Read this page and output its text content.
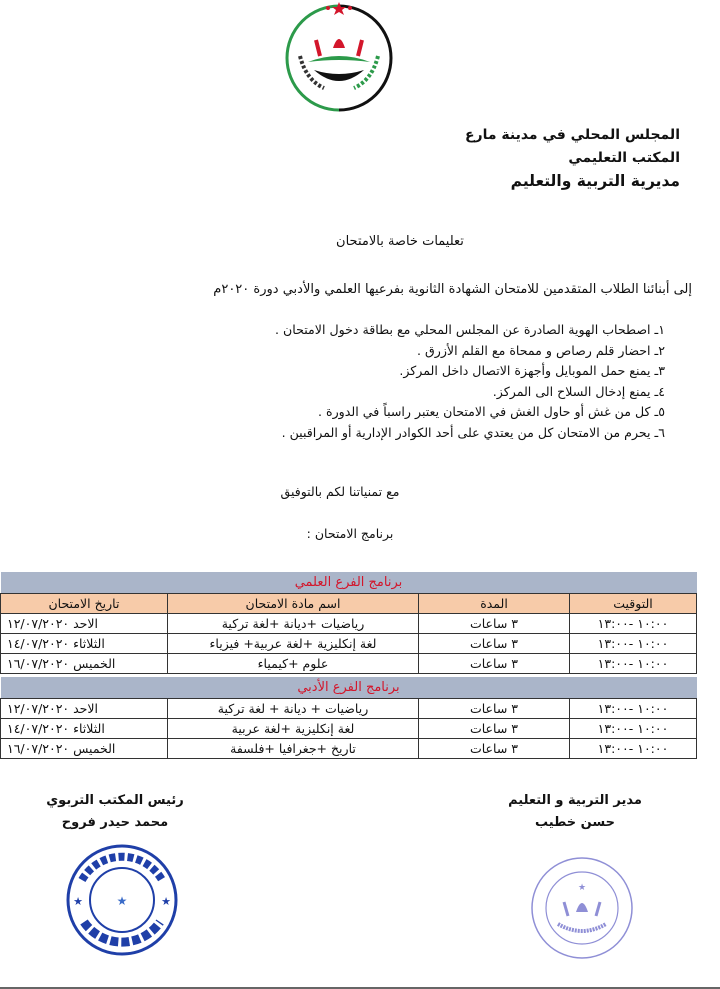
المجلس المحلي في مدينة مارع
المكتب التعليمي
مديرية التربية والتعليم
تعليمات خاصة بالامتحان
إلى أبنائنا الطلاب المتقدمين للامتحان الشهادة الثانوية بفرعيها العلمي والأدبي دورة ٢٠٢٠م
١ـ اصطحاب الهوية الصادرة عن المجلس المحلي مع بطاقة دخول الامتحان .
٢ـ احضار قلم رصاص و ممحاة مع القلم الأزرق .
٣ـ يمنع حمل الموبايل وأجهزة الاتصال داخل المركز.
٤ـ يمنع إدخال السلاح الى المركز.
٥ـ كل من غش أو حاول الغش في الامتحان يعتبر راسباً في الدورة .
٦ـ يحرم من الامتحان كل من يعتدي على أحد الكوادر الإدارية أو المراقبين .
مع تمنياتنا لكم بالتوفيق
برنامج الامتحان :
برنامج الفرع العلمي			
التوقيت	المدة	اسم مادة الامتحان	تاريخ الامتحان
١٠:٠٠ -١٣:٠٠	٣ ساعات	رياضيات +ديانة +لغة تركية	الاحد ١٢/٠٧/٢٠٢٠
١٠:٠٠ -١٣:٠٠	٣ ساعات	لغة إنكليزية +لغة عربية+ فيزياء	الثلاثاء ١٤/٠٧/٢٠٢٠
١٠:٠٠ -١٣:٠٠	٣ ساعات	علوم +كيمياء	الخميس ١٦/٠٧/٢٠٢٠

برنامج الفرع الأدبي			
١٠:٠٠ -١٣:٠٠	٣ ساعات	رياضيات + ديانة + لغة تركية	الاحد ١٢/٠٧/٢٠٢٠
١٠:٠٠ -١٣:٠٠	٣ ساعات	لغة إنكليزية +لغة عربية	الثلاثاء ١٤/٠٧/٢٠٢٠
١٠:٠٠ -١٣:٠٠	٣ ساعات	تاريخ +جغرافيا +فلسفة	الخميس ١٦/٠٧/٢٠٢٠
رئيس المكتب التربوي
محمد حيدر فروح
مدير التربية و التعليم
حسن خطيب
★
★	★
★
